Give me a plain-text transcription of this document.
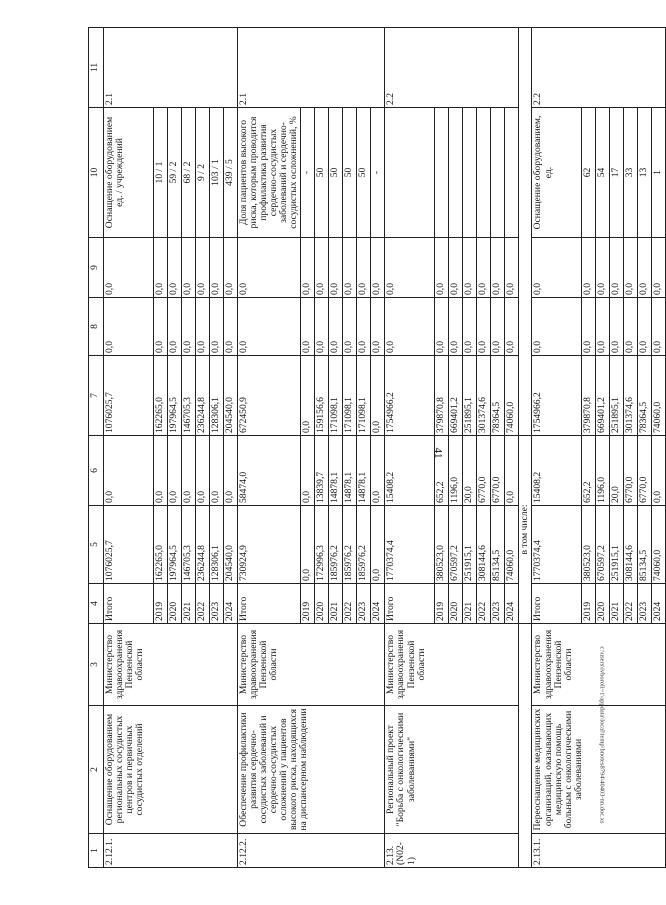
41
c:\users\ivboroli~1\appdata\local\temp\bnotes8794\40403-nn.doc.xs
1	2	3	4	5	6	7	8	9	10	11
2.12.1.	Оснащение оборудованием региональных сосудистых центров и первичных сосудистых отделений	Министерство здравоохранения Пензенской области	Итого	1076025,7	0,0	1076025,7	0,0	0,0	Оснащение оборудованием ед. / учреждений	2.1
			2019	162265,0	0,0	162265,0	0,0	0,0	10 / 1	
			2020	197964,5	0,0	197964,5	0,0	0,0	59 / 2	
			2021	146705,3	0,0	146705,3	0,0	0,0	68 / 2	
			2022	236244,8	0,0	236244,8	0,0	0,0	9 / 2	
			2023	128306,1	0,0	128306,1	0,0	0,0	103 / 1	
			2024	204540,0	0,0	204540,0	0,0	0,0	439 / 5	
2.12.2.	Обеспечение профилактики развития сердечно-сосудистых заболеваний и сердечно-сосудистых осложнений у пациентов высокого риска, находящихся на диспансерном наблюдении	Министерство здравоохранения Пензенской области	Итого	730924,9	58474,0	672450,9	0,0	0,0	Доля пациентов высокого риска, которым проводится профилактика развития сердечно-сосудистых заболеваний и сердечно-сосудистых осложнений, %	2.1
			2019	0,0	0,0	0,0	0,0	0,0	-	
			2020	172996,3	13839,7	159156,6	0,0	0,0	50	
			2021	185976,2	14878,1	171098,1	0,0	0,0	50	
			2022	185976,2	14878,1	171098,1	0,0	0,0	50	
			2023	185976,2	14878,1	171098,1	0,0	0,0	50	
			2024	0,0	0,0	0,0	0,0	0,0	-	
2.13. (N02-1)	Региональный проект "Борьба с онкологическими заболеваниями"	Министерство здравоохранения Пензенской области	Итого	1770374,4	15408,2	1754966,2	0,0	0,0		2.2
			2019	380523,0	652,2	379870,8	0,0	0,0		
			2020	670597,2	1196,0	669401,2	0,0	0,0		
			2021	251915,1	20,0	251895,1	0,0	0,0		
			2022	308144,6	6770,0	301374,6	0,0	0,0		
			2023	85134,5	6770,0	78364,5	0,0	0,0		
			2024	74060,0	0,0	74060,0	0,0	0,0		
			в том числе:							
2.13.1.	Переоснащение медицинских организаций, оказывающих медицинскую помощь больным с онкологическими заболеваниями	Министерство здравоохранения Пензенской области	Итого	1770374,4	15408,2	1754966,2	0,0	0,0	Оснащение оборудованием, ед.	2.2
			2019	380523,0	652,2	379870,8	0,0	0,0	62	
			2020	670597,2	1196,0	669401,2	0,0	0,0	54	
			2021	251915,1	20,0	251895,1	0,0	0,0	17	
			2022	308144,6	6770,0	301374,6	0,0	0,0	33	
			2023	85134,5	6770,0	78364,5	0,0	0,0	13	
			2024	74060,0	0,0	74060,0	0,0	0,0	1	
